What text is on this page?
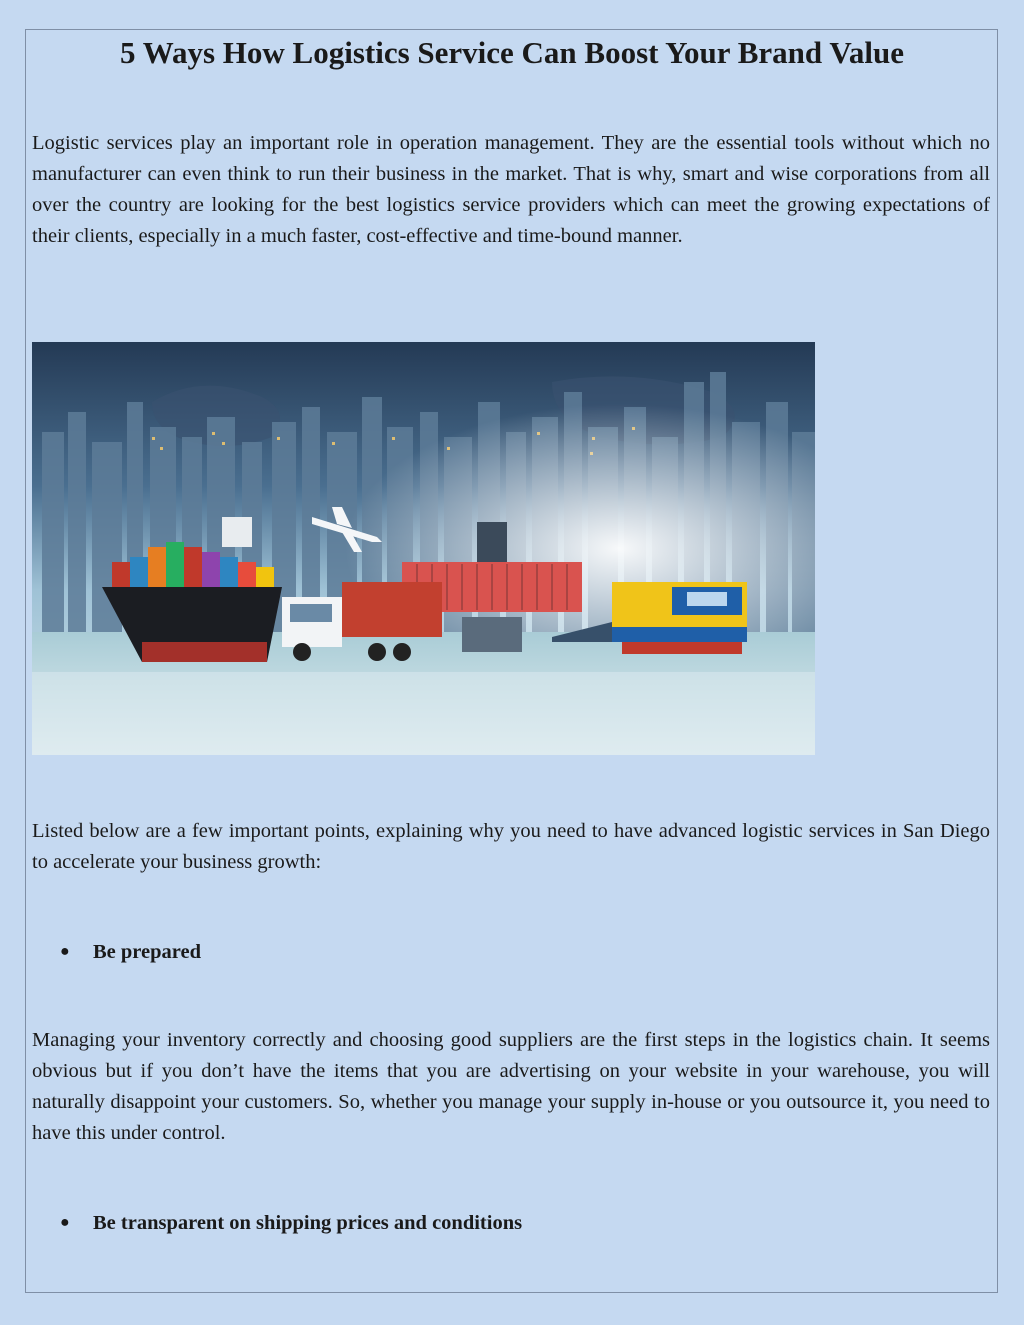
5 Ways How Logistics Service Can Boost Your Brand Value

Logistic services play an important role in operation management. They are the essential tools without which no manufacturer can even think to run their business in the market. That is why, smart and wise corporations from all over the country are looking for the best logistics service providers which can meet the growing expectations of their clients, especially in a much faster, cost-effective and time-bound manner.

Listed below are a few important points, explaining why you need to have advanced logistic services in San Diego to accelerate your business growth:

● Be prepared

Managing your inventory correctly and choosing good suppliers are the first steps in the logistics chain. It seems obvious but if you don’t have the items that you are advertising on your website in your warehouse, you will naturally disappoint your customers. So, whether you manage your supply in-house or you outsource it, you need to have this under control.

● Be transparent on shipping prices and conditions
